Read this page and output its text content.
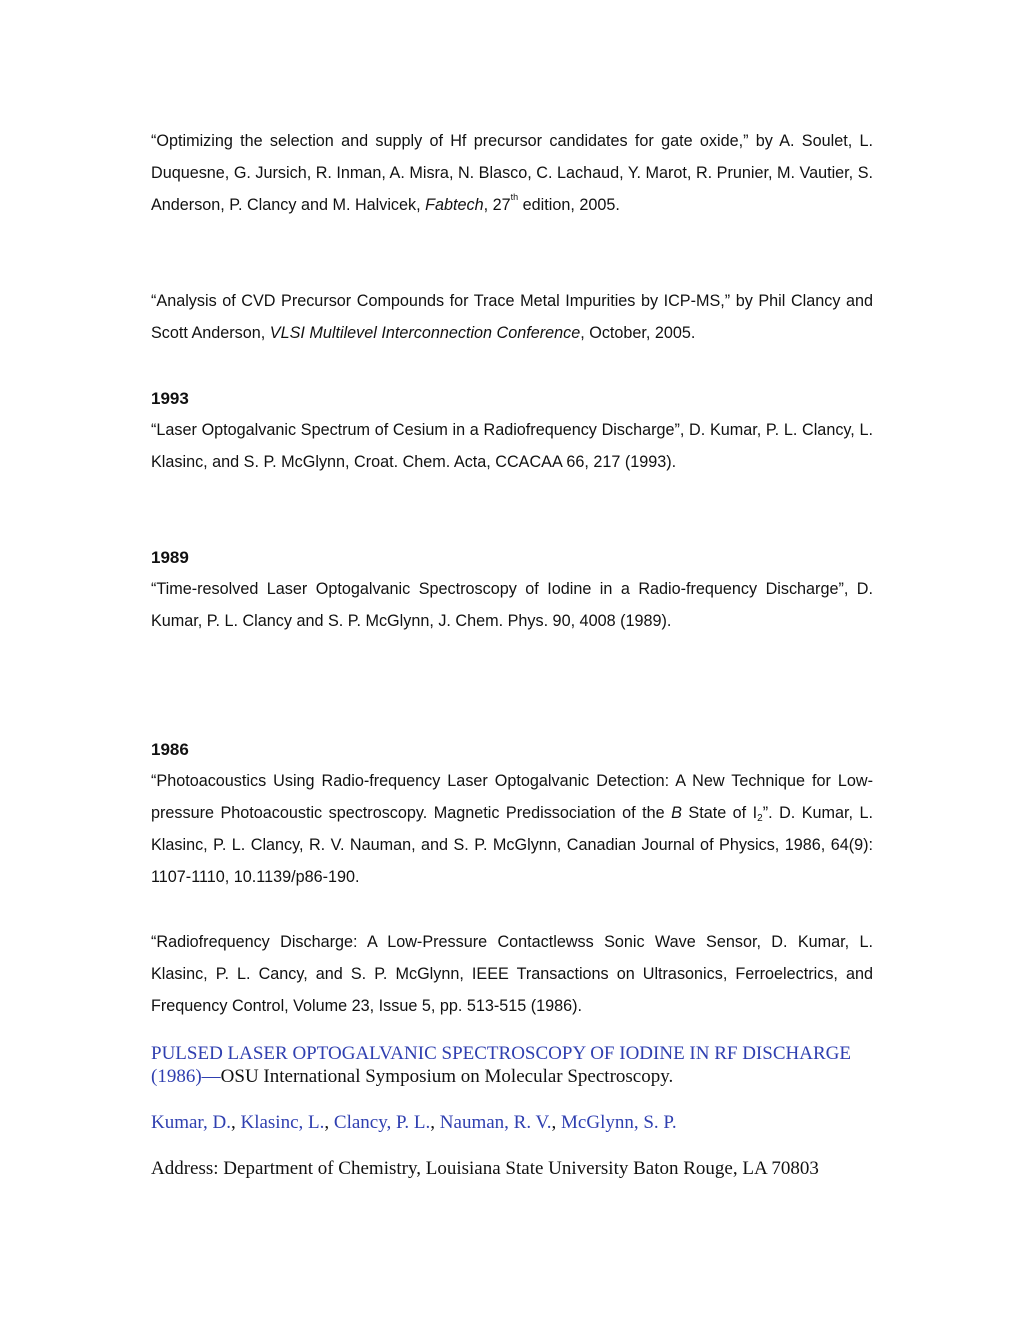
“Optimizing the selection and supply of Hf precursor candidates for gate oxide,” by A. Soulet, L. Duquesne, G. Jursich, R. Inman, A. Misra, N. Blasco, C. Lachaud, Y. Marot, R. Prunier, M. Vautier, S. Anderson, P. Clancy and M. Halvicek, Fabtech, 27th edition, 2005.

“Analysis of CVD Precursor Compounds for Trace Metal Impurities by ICP-MS,” by Phil Clancy and Scott Anderson, VLSI Multilevel Interconnection Conference, October, 2005.

1993

“Laser Optogalvanic Spectrum of Cesium in a Radiofrequency Discharge”, D. Kumar, P. L. Clancy, L. Klasinc, and S. P. McGlynn, Croat. Chem. Acta, CCACAA 66, 217 (1993).

1989

“Time-resolved Laser Optogalvanic Spectroscopy of Iodine in a Radio-frequency Discharge”, D. Kumar, P. L. Clancy and S. P. McGlynn, J. Chem. Phys. 90, 4008 (1989).

1986

“Photoacoustics Using Radio-frequency Laser Optogalvanic Detection: A New Technique for Low-pressure Photoacoustic spectroscopy. Magnetic Predissociation of the B State of $I_2$”. D. Kumar, L. Klasinc, P. L. Clancy, R. V. Nauman, and S. P. McGlynn, Canadian Journal of Physics, 1986, 64(9): 1107-1110, 10.1139/p86-190.

“Radiofrequency Discharge: A Low-Pressure Contactlewss Sonic Wave Sensor, D. Kumar, L. Klasinc, P. L. Cancy, and S. P. McGlynn, IEEE Transactions on Ultrasonics, Ferroelectrics, and Frequency Control, Volume 23, Issue 5, pp. 513-515 (1986).

PULSED LASER OPTOGALVANIC SPECTROSCOPY OF IODINE IN RF DISCHARGE (1986)—OSU International Symposium on Molecular Spectroscopy.

Kumar, D., Klasinc, L., Clancy, P. L., Nauman, R. V., McGlynn, S. P.

Address: Department of Chemistry, Louisiana State University Baton Rouge, LA 70803
